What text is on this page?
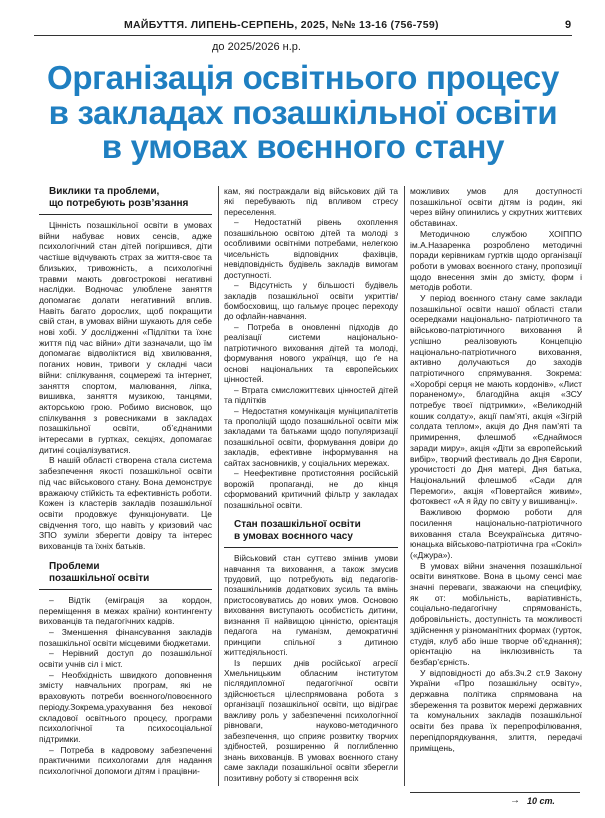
МАЙБУТТЯ. ЛИПЕНЬ-СЕРПЕНЬ, 2025, №№ 13-16 (756-759)	9
до 2025/2026 н.р.
Організація освітнього процесу в закладах позашкільної освіти в умовах воєнного стану
Виклики та проблеми,
що потребують розв’язання

Цінність позашкільної освіти в умовах війни набуває нових сенсів, адже психологічний стан дітей погіршився, діти частіше відчувають страх за життя-своє та близьких, тривожність, а психологічні травми мають довгострокові негативні наслідки. Водночас улюблене заняття допомагає долати негативний вплив. Навіть багато дорослих, щоб покращити свій стан, в умовах війни шукають для себе нові хобі. У дослідженні «Підлітки та їхнє життя під час війни» діти зазначали, що їм допомагає відволіктися від хвилювання, поганих новин, тривоги у складні часи війни: спілкування, соцмережі та інтернет, заняття спортом, малювання, ліпка, вишивка, заняття музикою, танцями, акторською грою. Робимо висновок, що спілкування з ровесниками в закладах позашкільної освіти, об’єднаними інтересами в гуртках, секціях, допомагає дитині соціалізуватися.

В нашій області створена стала система забезпечення якості позашкільної освіти під час військового стану. Вона демонструє вражаючу стійкість та ефективність роботи. Кожен із кластерів закладів позашкільної освіти продовжує функціонувати. Це свідчення того, що навіть у кризовий час ЗПО зуміли зберегти довіру та інтерес вихованців та їхніх батьків.

Проблеми
позашкільної освіти

– Відтік (еміграція за кордон, переміщення в межах країни) контингенту вихованців та педагогічних кадрів.

– Зменшення фінансування закладів позашкільної освіти місцевими бюджетами.

– Нерівний доступ до позашкільної освіти учнів сіл і міст.

– Необхідність швидкого доповнення змісту навчальних програм, які не враховують потреби воєнного/повоєнного періоду.Зокрема,урахування без некової складової освітнього процесу, програми психологічної та психосоціальної підтримки.

– Потреба в кадровому забезпеченні практичними психологами для надання психологічної допомоги дітям і працівни-

кам, які постраждали від військових дій та які перебувають під впливом стресу переселення.

– Недостатній рівень охоплення позашкільною освітою дітей та молоді з особливими освітніми потребами, нелегкою чисельність відповідних фахівців, невідповідність будівель закладів вимогам доступності.

– Відсутність у більшості будівель закладів позашкільної освіти укриттів/бомбосховищ, що гальмує процес переходу до офлайн-навчання.

– Потреба в оновленні підходів до реалізації системи національно-патріотичного виховання дітей та молоді, формування нового українця, що ґе на основі національних та європейських цінностей.

– Втрата смисложиттєвих цінностей дітей та підлітків

– Недостатня комунікація муніципалітетів та прополіцій щодо позашкільної освіти між закладами та батьками щодо популяризації позашкільної освіти, формування довіри до закладів, ефективне інформування на сайтах засновників, у соціальних мережах.

– Неефективне протистояння російській ворожій пропаганді, не до кінця сформований критичний фільтр у закладах позашкільної освіти.

Стан позашкільної освіти
в умовах воєнного часу

Військовий стан суттєво змінив умови навчання та виховання, а також змусив трудовий, що потребують від педагогів-позашкільників додаткових зусиль та вмінь пристосовуватись до нових умов. Основою виховання виступають особистість дитини, визнання її найвищою цінністю, орієнтація педагога на гуманізм, демократичні принципи спільної з дитиною життєдіяльності.

Із перших днів російської агресії Хмельницьким обласним інститутом післядипломної педагогічної освіти здійснюється цілеспрямована робота з організації позашкільної освіти, що відіграє важливу роль у забезпеченні психологічної рівноваги, науково-методичного забезпечення, що сприяє розвитку творчих здібностей, розширенню й поглибленню знань вихованців. В умовах воєнного стану саме заклади позашкільної освіти зберегли позитивну роботу зі створення всіх

можливих умов для доступності позашкільної освіти дітям із родин, які через війну опинились у скрутних життєвих обставинах.

Методичною службою ХОІППО ім.А.Назаренка розроблено методичні поради керівникам гуртків щодо організації роботи в умовах воєнного стану, пропозиції щодо внесення змін до змісту, форм і методів роботи.

У період воєнного стану саме заклади позашкільної освіти нашої області стали осередками національно- патріотичного та військово-патріотичного виховання й успішно реалізовують Концепцію національно-патріотичного виховання, активно долучаються до заходів патріотичного спрямування. Зокрема: «Хоробрі серця не мають кордонів», «Лист пораненому», благодійна акція «ЗСУ потребує твоєї підтримки», «Великодній кошик солдату», акції пам’яті, акція «Зігрій солдата теплом», акція до Дня пам’яті та примирення, флешмоб «Єднаймося заради миру», акція «Діти за європейський вибір», творчий фестиваль до Дня Європи, урочистості до Дня матері, Дня батька, Національний флешмоб «Сади для Перемоги», акція «Повертайся живим», фотоквест «А я йду по світу у вишиванці».

Важливою формою роботи для посилення національно-патріотичного виховання стала Всеукраїнська дитячо-юнацька військово-патріотична гра «Сокіл» («Джура»).

В умовах війни значення позашкільної освіти виняткове. Вона в цьому сенсі має значні переваги, зважаючи на специфіку, як от: мобільність, варіативність, соціально-педагогічну спрямованість, добровільність, доступність та можливості здійснення у різноманітних формах (гурток, студія, клуб або інше творче об’єднання); орієнтацію на інклюзивність та безбар’єрність.

У відповідності до абз.3ч.2 ст.9 Закону України «Про позашкільну освіту», державна політика спрямована на збереження та розвиток мережі державних та комунальних закладів позашкільної освіти без права їх перепрофілювання, перепідпорядкування, злиття, передачі приміщень,

→ 10 ст.
